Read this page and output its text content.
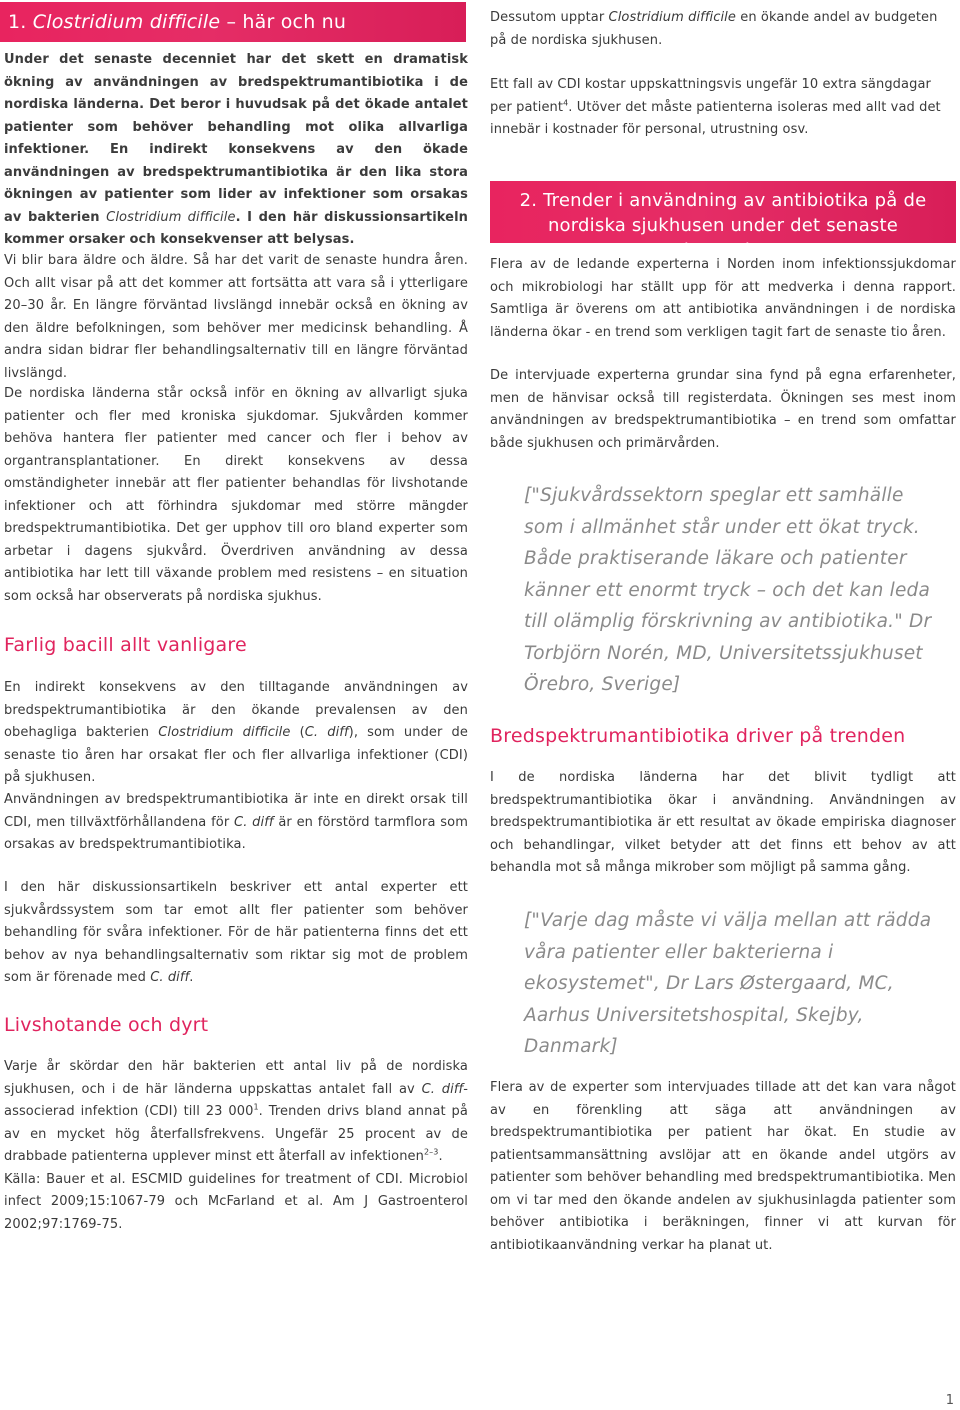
1. Clostridium difficile – här och nu

Under det senaste decenniet har det skett en dramatisk ökning av användningen av bredspektrumantibiotika i de nordiska länderna. Det beror i huvudsak på det ökade antalet patienter som behöver behandling mot olika allvarliga infektioner. En indirekt konsekvens av den ökade användningen av bredspektrumantibiotika är den lika stora ökningen av patienter som lider av infektioner som orsakas av bakterien Clostridium difficile. I den här diskussionsartikeln kommer orsaker och konsekvenser att belysas.

Vi blir bara äldre och äldre. Så har det varit de senaste hundra åren. Och allt visar på att det kommer att fortsätta att vara så i ytterligare 20–30 år. En längre förväntad livslängd innebär också en ökning av den äldre befolkningen, som behöver mer medicinsk behandling. Å andra sidan bidrar fler behandlingsalternativ till en längre förväntad livslängd.

De nordiska länderna står också inför en ökning av allvarligt sjuka patienter och fler med kroniska sjukdomar. Sjukvården kommer behöva hantera fler patienter med cancer och fler i behov av organtransplantationer. En direkt konsekvens av dessa omständigheter innebär att fler patienter behandlas för livshotande infektioner och att förhindra sjukdomar med större mängder bredspektrumantibiotika. Det ger upphov till oro bland experter som arbetar i dagens sjukvård. Överdriven användning av dessa antibiotika har lett till växande problem med resistens – en situation som också har observerats på nordiska sjukhus.

Farlig bacill allt vanligare

En indirekt konsekvens av den tilltagande användningen av bredspektrumantibiotika är den ökande prevalensen av den obehagliga bakterien Clostridium difficile (C. diff), som under de senaste tio åren har orsakat fler och fler allvarliga infektioner (CDI) på sjukhusen.

Användningen av bredspektrumantibiotika är inte en direkt orsak till CDI, men tillväxtförhållandena för C. diff är en förstörd tarmflora som orsakas av bredspektrumantibiotika.

I den här diskussionsartikeln beskriver ett antal experter ett sjukvårdssystem som tar emot allt fler patienter som behöver behandling för svåra infektioner. För de här patienterna finns det ett behov av nya behandlingsalternativ som riktar sig mot de problem som är förenade med C. diff.

Livshotande och dyrt

Varje år skördar den här bakterien ett antal liv på de nordiska sjukhusen, och i de här länderna uppskattas antalet fall av C. diff-associerad infektion (CDI) till 23 $000^1$. Trenden drivs bland annat på av en mycket hög återfallsfrekvens. Ungefär 25 procent av de drabbade patienterna upplever minst ett återfall av infektionen$^{2-3}$.

Källa: Bauer et al. ESCMID guidelines for treatment of CDI. Microbiol infect 2009;15:1067-79 och McFarland et al. Am J Gastroenterol 2002;97:1769-75.

Dessutom upptar Clostridium difficile en ökande andel av budgeten på de nordiska sjukhusen.

Ett fall av CDI kostar uppskattningsvis ungefär 10 extra sängdagar per patient$^4$. Utöver det måste patienterna isoleras med allt vad det innebär i kostnader för personal, utrustning osv.

2. Trender i användning av antibiotika på de nordiska sjukhusen under det senaste decenniet

Flera av de ledande experterna i Norden inom infektionssjukdomar och mikrobiologi har ställt upp för att medverka i denna rapport. Samtliga är överens om att antibiotika användningen i de nordiska länderna ökar - en trend som verkligen tagit fart de senaste tio åren.

De intervjuade experterna grundar sina fynd på egna erfarenheter, men de hänvisar också till registerdata. Ökningen ses mest inom användningen av bredspektrumantibiotika – en trend som omfattar både sjukhusen och primärvården.

["Sjukvårdssektorn speglar ett samhälle som i allmänhet står under ett ökat tryck. Både praktiserande läkare och patienter känner ett enormt tryck – och det kan leda till olämplig förskrivning av antibiotika." Dr Torbjörn Norén, MD, Universitetssjukhuset Örebro, Sverige]
Bredspektrumantibiotika driver på trenden

I de nordiska länderna har det blivit tydligt att bredspektrumantibiotika ökar i användning. Användningen av bredspektrumantibiotika är ett resultat av ökade empiriska diagnoser och behandlingar, vilket betyder att det finns ett behov av att behandla mot så många mikrober som möjligt på samma gång.

["Varje dag måste vi välja mellan att rädda våra patienter eller bakterierna i ekosystemet", Dr Lars Østergaard, MC, Aarhus Universitetshospital, Skejby, Danmark]

Flera av de experter som intervjuades tillade att det kan vara något av en förenkling att säga att användningen av bredspektrumantibiotika per patient har ökat. En studie av patientsammansättning avslöjar att en ökande andel utgörs av patienter som behöver behandling med bredspektrumantibiotika. Men om vi tar med den ökande andelen av sjukhusinlagda patienter som behöver antibiotika i beräkningen, finner vi att kurvan för antibiotikaanvändning verkar ha planat ut.

1
